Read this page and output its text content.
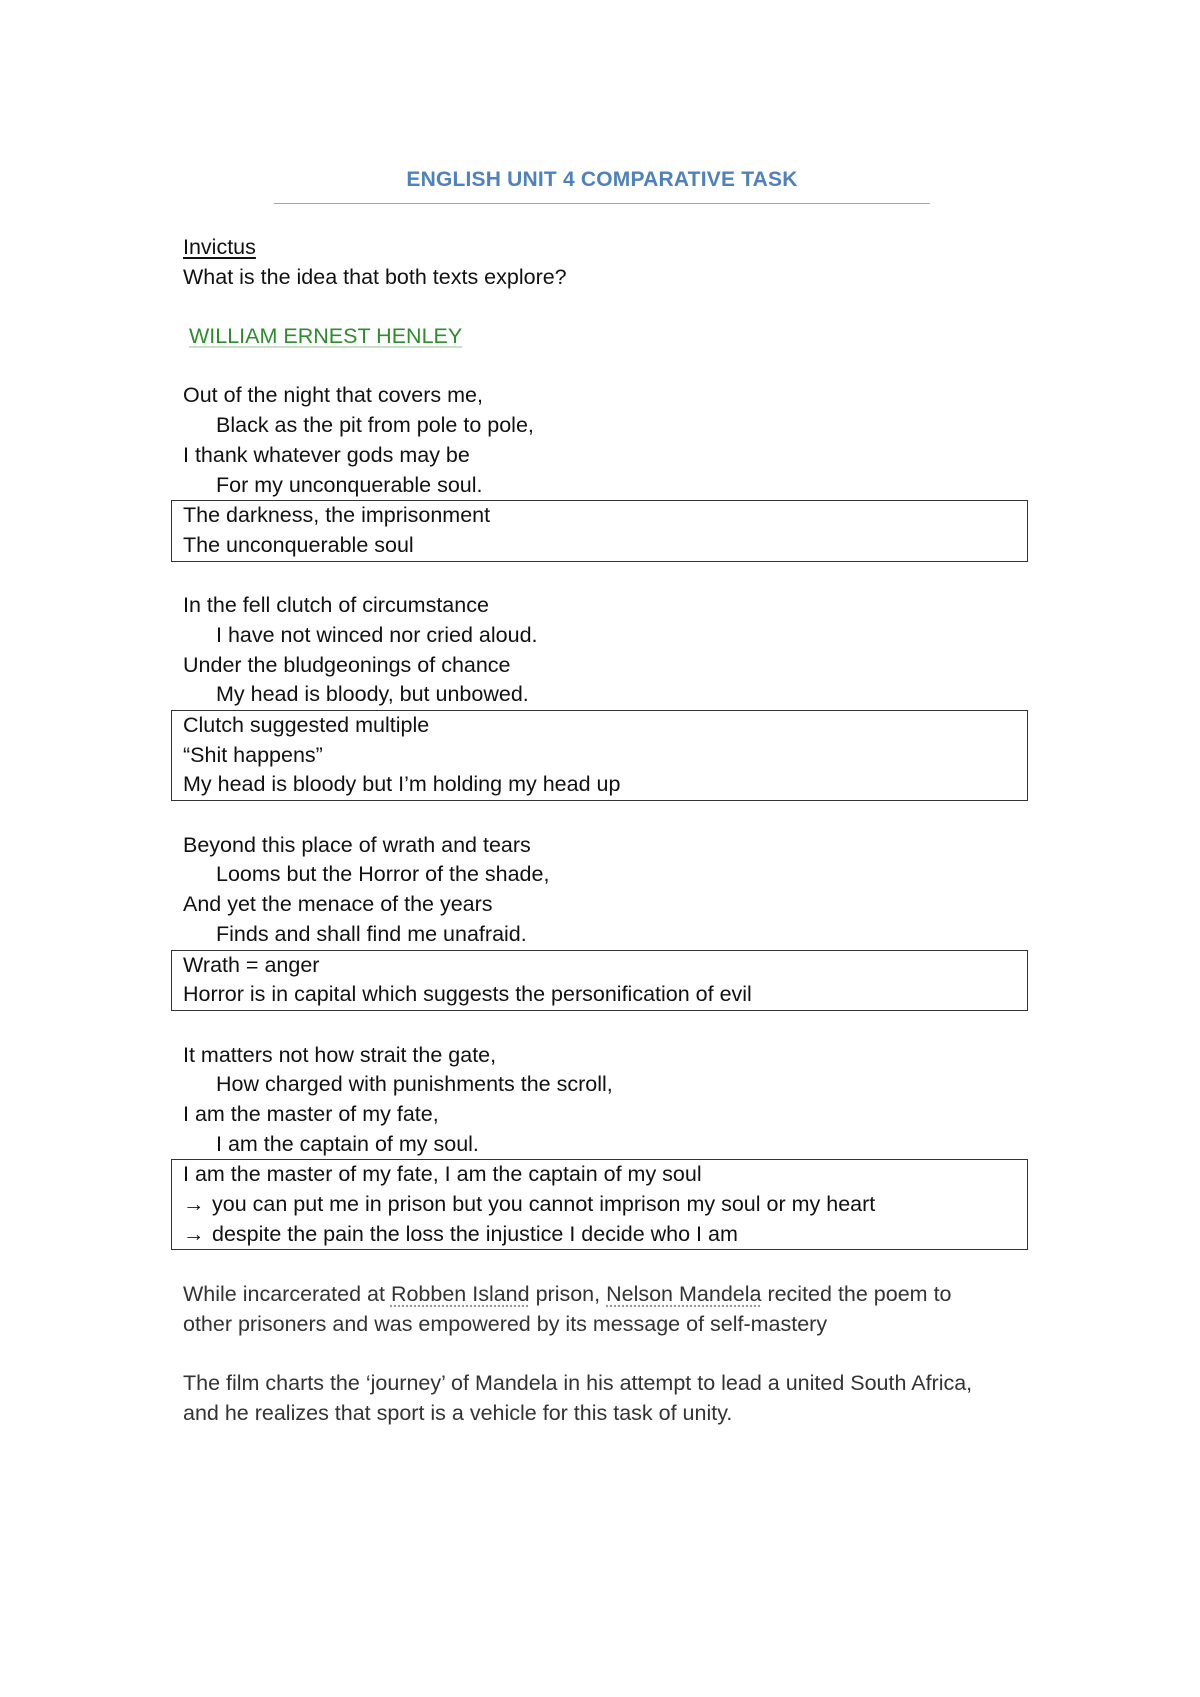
ENGLISH UNIT 4 COMPARATIVE TASK
Invictus
What is the idea that both texts explore?
WILLIAM ERNEST HENLEY
Out of the night that covers me,
Black as the pit from pole to pole,
I thank whatever gods may be
For my unconquerable soul.
The darkness, the imprisonment
The unconquerable soul
In the fell clutch of circumstance
I have not winced nor cried aloud.
Under the bludgeonings of chance
My head is bloody, but unbowed.
Clutch suggested multiple
“Shit happens”
My head is bloody but I’m holding my head up
Beyond this place of wrath and tears
Looms but the Horror of the shade,
And yet the menace of the years
Finds and shall find me unafraid.
Wrath = anger
Horror is in capital which suggests the personification of evil
It matters not how strait the gate,
How charged with punishments the scroll,
I am the master of my fate,
I am the captain of my soul.
I am the master of my fate, I am the captain of my soul
→ you can put me in prison but you cannot imprison my soul or my heart
→ despite the pain the loss the injustice I decide who I am
While incarcerated at Robben Island prison, Nelson Mandela recited the poem to
other prisoners and was empowered by its message of self-mastery
The film charts the ‘journey’ of Mandela in his attempt to lead a united South Africa,
and he realizes that sport is a vehicle for this task of unity.
